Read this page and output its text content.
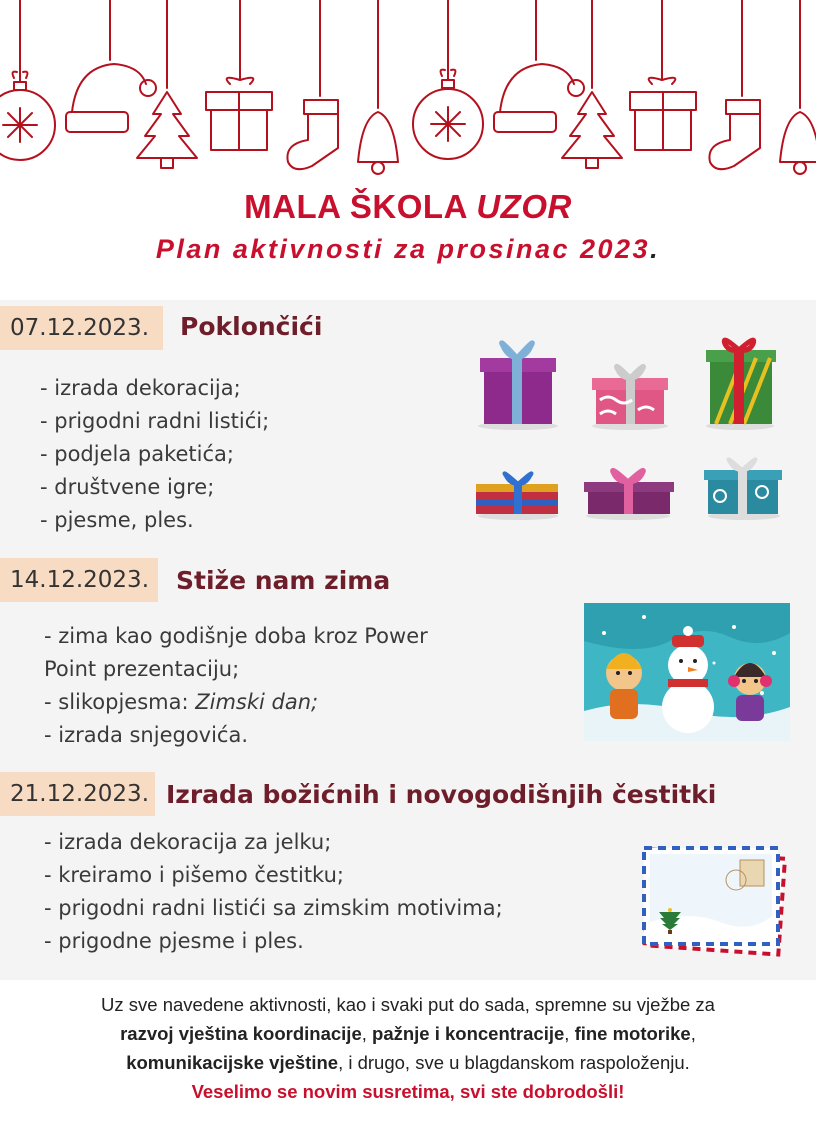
MALA ŠKOLA UZOR
Plan aktivnosti za prosinac 2023.
07.12.2023.	Poklončići
- izrada dekoracija;
- prigodni radni listići;
- podjela paketića;
- društvene igre;
- pjesme, ples.
14.12.2023.	Stiže nam zima
- zima kao godišnje doba kroz Power
Point prezentaciju;
- slikopjesma: Zimski dan;
- izrada snjegovića.
21.12.2023. Izrada božićnih i novogodišnjih čestitki
- izrada dekoracija za jelku;
- kreiramo i pišemo čestitku;
- prigodni radni listići sa zimskim motivima;
- prigodne pjesme i ples.
Uz sve navedene aktivnosti, kao i svaki put do sada, spremne su vježbe za
razvoj vještina koordinacije, pažnje i koncentracije, fine motorike,
komunikacijske vještine, i drugo, sve u blagdanskom raspoloženju.
Veselimo se novim susretima, svi ste dobrodošli!
